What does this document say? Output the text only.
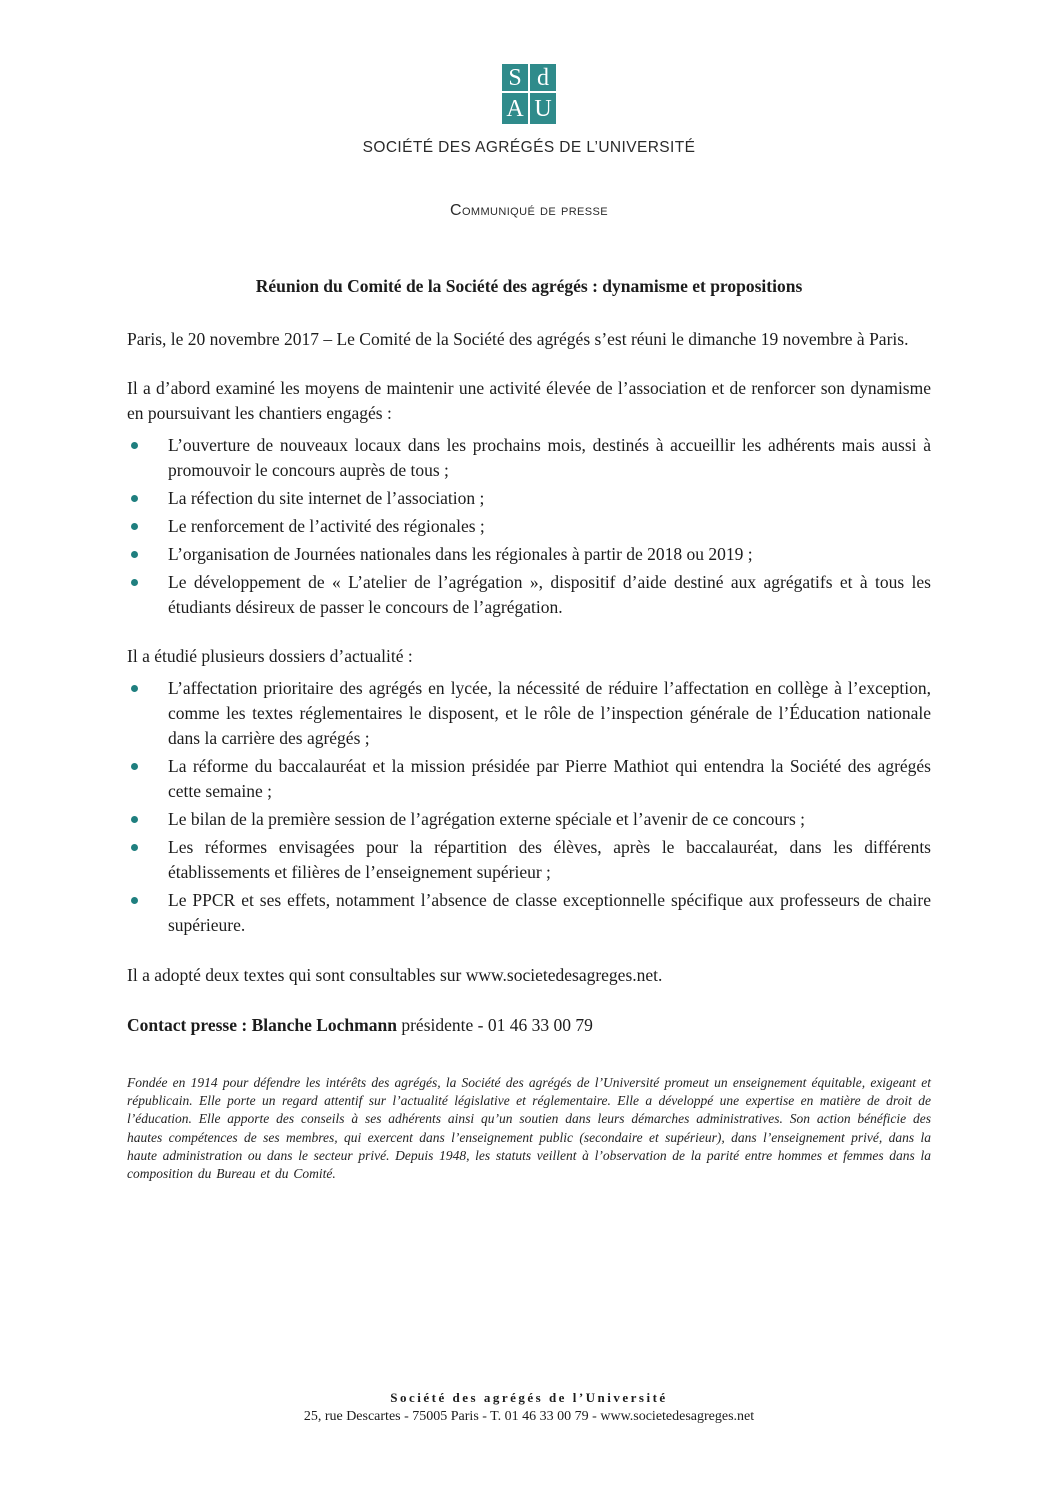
S d
A U
SOCIÉTÉ DES AGRÉGÉS DE L’UNIVERSITÉ
Communiqué de presse
Réunion du Comité de la Société des agrégés : dynamisme et propositions

Paris, le 20 novembre 2017 – Le Comité de la Société des agrégés s’est réuni le dimanche 19 novembre à Paris.

Il a d’abord examiné les moyens de maintenir une activité élevée de l’association et de renforcer son dynamisme en poursuivant les chantiers engagés :

L’ouverture de nouveaux locaux dans les prochains mois, destinés à accueillir les adhérents mais aussi à promouvoir le concours auprès de tous ;
La réfection du site internet de l’association ;
Le renforcement de l’activité des régionales ;
L’organisation de Journées nationales dans les régionales à partir de 2018 ou 2019 ;
Le développement de « L’atelier de l’agrégation », dispositif d’aide destiné aux agrégatifs et à tous les étudiants désireux de passer le concours de l’agrégation.

Il a étudié plusieurs dossiers d’actualité :

L’affectation prioritaire des agrégés en lycée, la nécessité de réduire l’affectation en collège à l’exception, comme les textes réglementaires le disposent, et le rôle de l’inspection générale de l’Éducation nationale dans la carrière des agrégés ;
La réforme du baccalauréat et la mission présidée par Pierre Mathiot qui entendra la Société des agrégés cette semaine ;
Le bilan de la première session de l’agrégation externe spéciale et l’avenir de ce concours ;
Les réformes envisagées pour la répartition des élèves, après le baccalauréat, dans les différents établissements et filières de l’enseignement supérieur ;
Le PPCR et ses effets, notamment l’absence de classe exceptionnelle spécifique aux professeurs de chaire supérieure.

Il a adopté deux textes qui sont consultables sur www.societedesagreges.net.

Contact presse : Blanche Lochmann présidente - 01 46 33 00 79

Fondée en 1914 pour défendre les intérêts des agrégés, la Société des agrégés de l’Université promeut un enseignement équitable, exigeant et républicain. Elle porte un regard attentif sur l’actualité législative et réglementaire. Elle a développé une expertise en matière de droit de l’éducation. Elle apporte des conseils à ses adhérents ainsi qu’un soutien dans leurs démarches administratives. Son action bénéficie des hautes compétences de ses membres, qui exercent dans l’enseignement public (secondaire et supérieur), dans l’enseignement privé, dans la haute administration ou dans le secteur privé. Depuis 1948, les statuts veillent à l’observation de la parité entre hommes et femmes dans la composition du Bureau et du Comité.

Société des agrégés de l’Université
25, rue Descartes - 75005 Paris - T. 01 46 33 00 79 - www.societedesagreges.net
